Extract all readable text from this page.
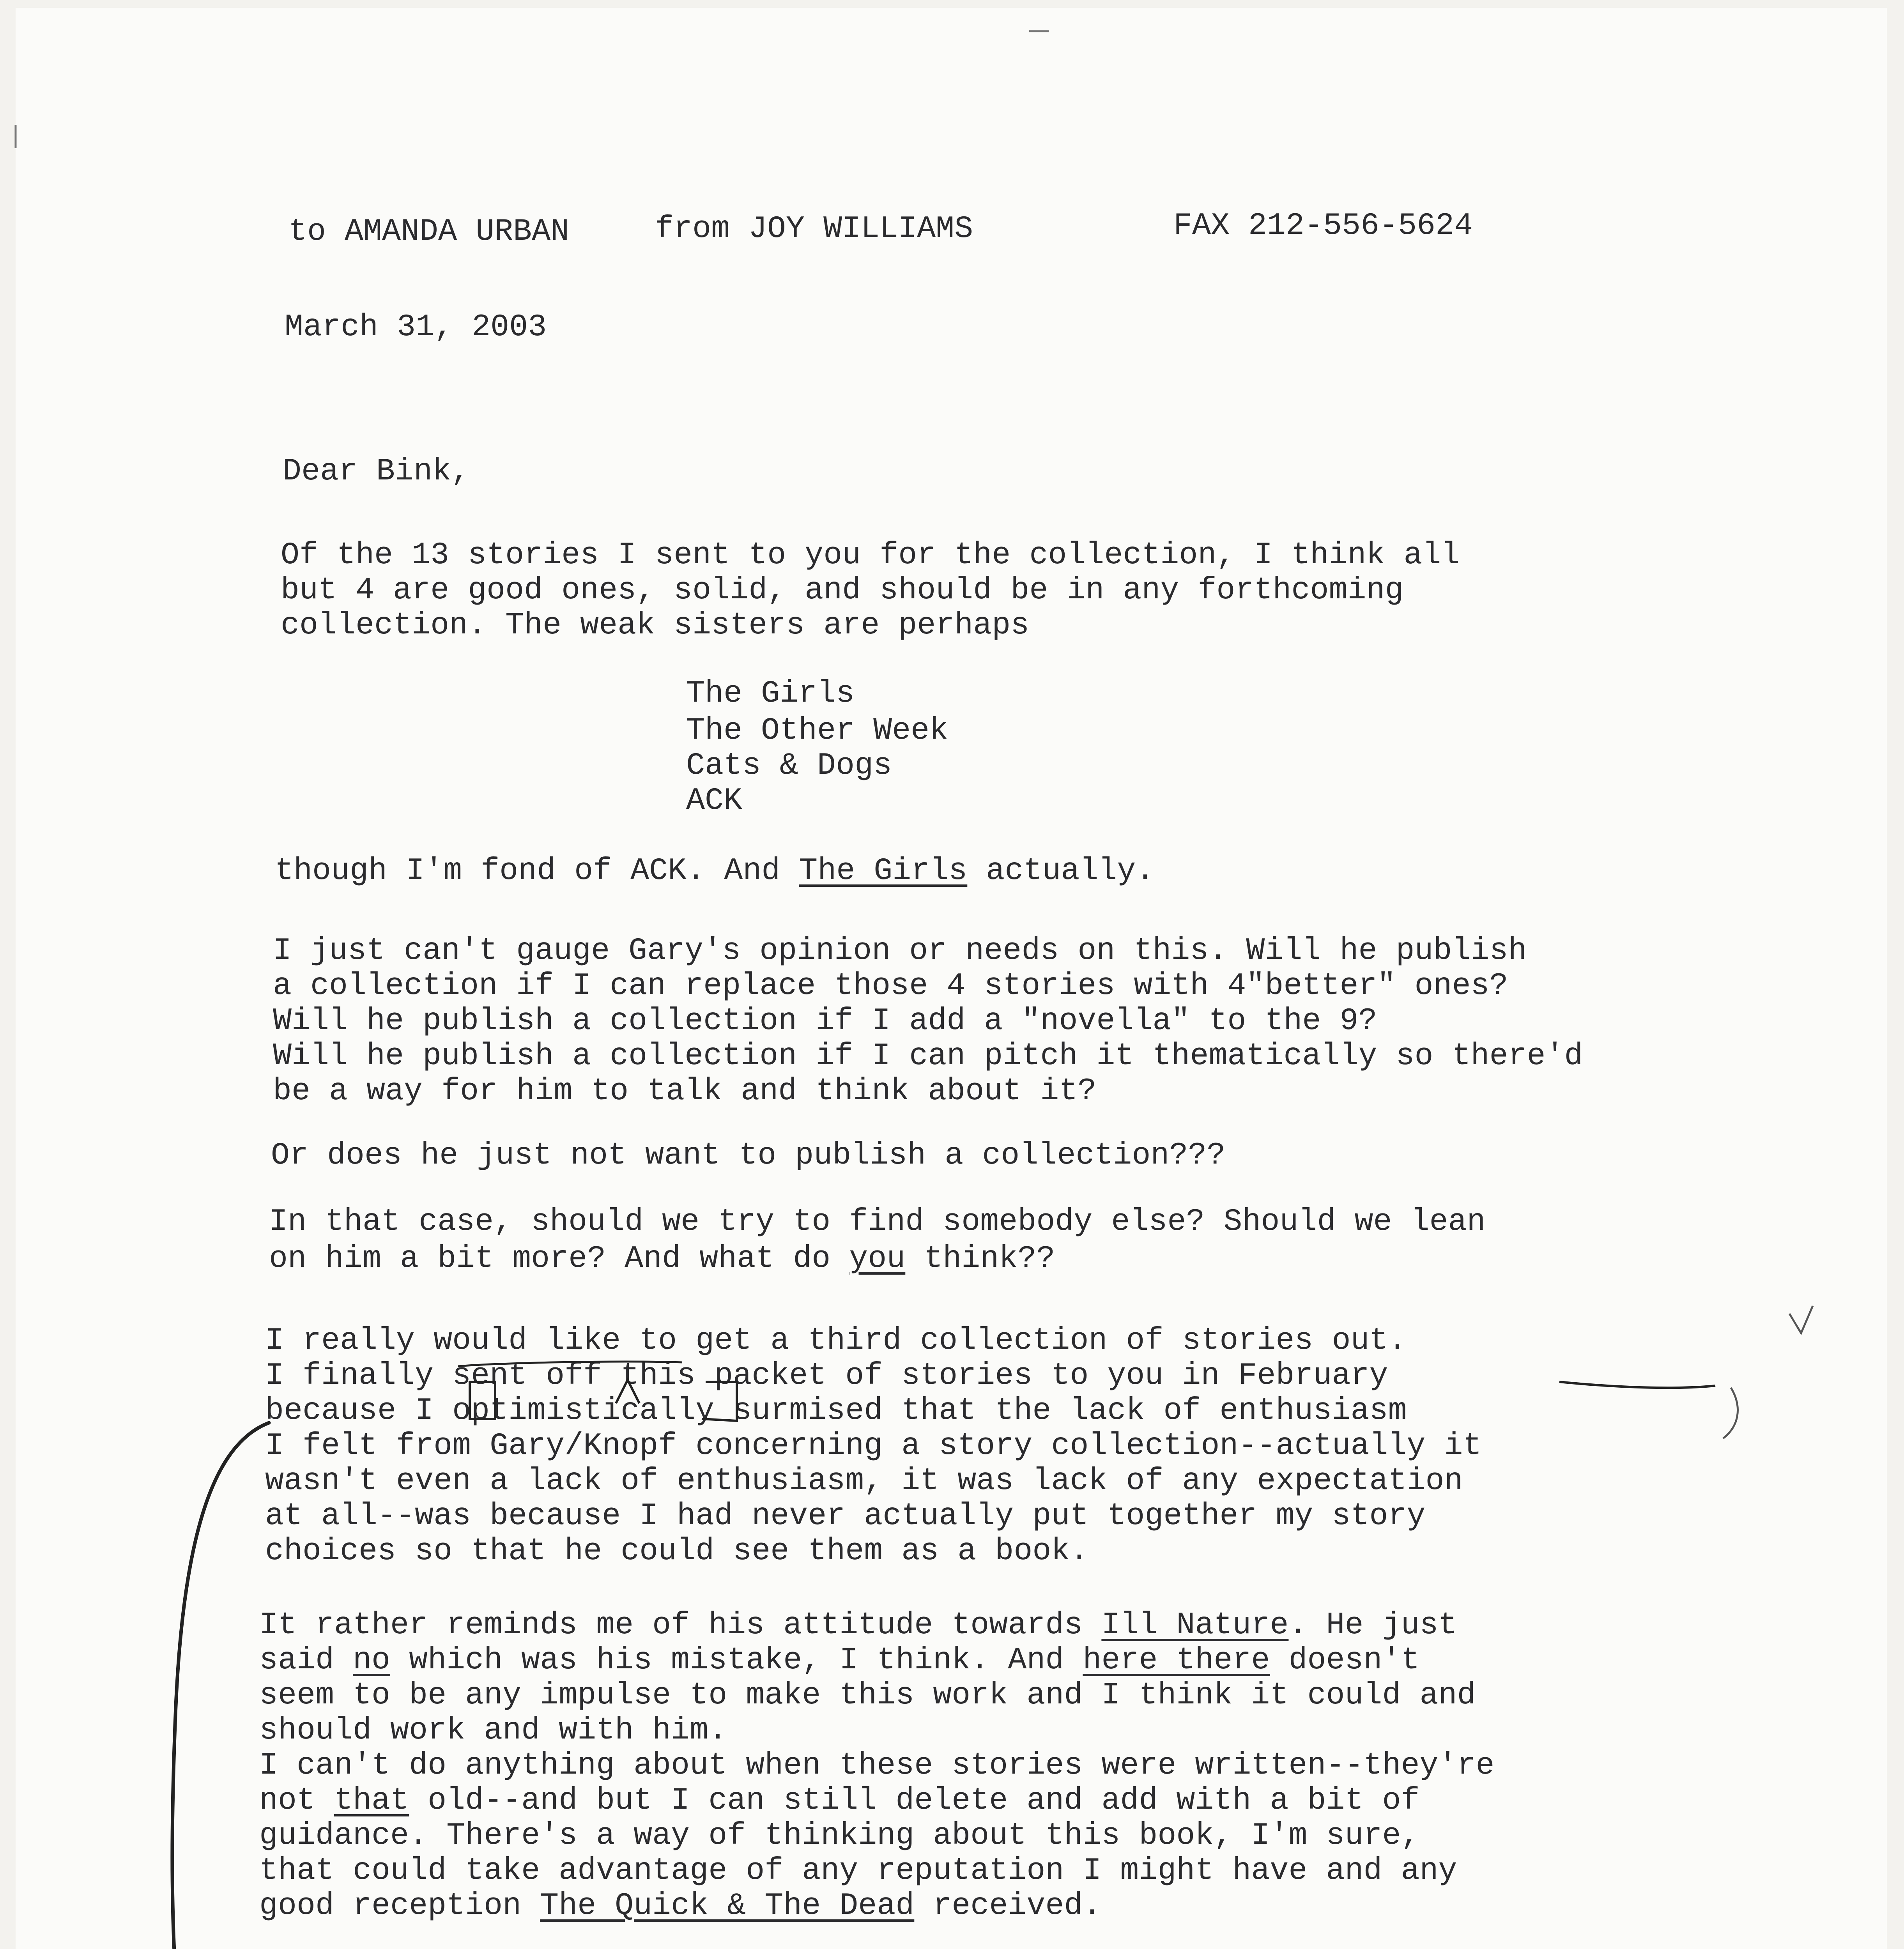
to AMANDA URBAN	from JOY WILLIAMS	FAX 212-556-5624
March 31, 2003
Dear Bink,
Of the 13 stories I sent to you for the collection, I think all
but 4 are good ones, solid, and should be in any forthcoming
collection. The weak sisters are perhaps
The Girls
The Other Week
Cats & Dogs
ACK
though I'm fond of ACK. And The Girls actually.
I just can't gauge Gary's opinion or needs on this. Will he publish
a collection if I can replace those 4 stories with 4"better" ones?
Will he publish a collection if I add a "novella" to the 9?
Will he publish a collection if I can pitch it thematically so there'd
be a way for him to talk and think about it?
Or does he just not want to publish a collection???
In that case, should we try to find somebody else? Should we lean
on him a bit more? And what do you think??
I really would like to get a third collection of stories out.
I finally sent off this packet of stories to you in February
because I optimistically surmised that the lack of enthusiasm
I felt from Gary/Knopf concerning a story collection--actually it
wasn't even a lack of enthusiasm, it was lack of any expectation
at all--was because I had never actually put together my story
choices so that he could see them as a book.
It rather reminds me of his attitude towards Ill Nature. He just
said no which was his mistake, I think. And here there doesn't
seem to be any impulse to make this work and I think it could and
should work and with him.
I can't do anything about when these stories were written--they're
not that old--and but I can still delete and add with a bit of
guidance. There's a way of thinking about this book, I'm sure,
that could take advantage of any reputation I might have and any
good reception The Quick & The Dead received.
